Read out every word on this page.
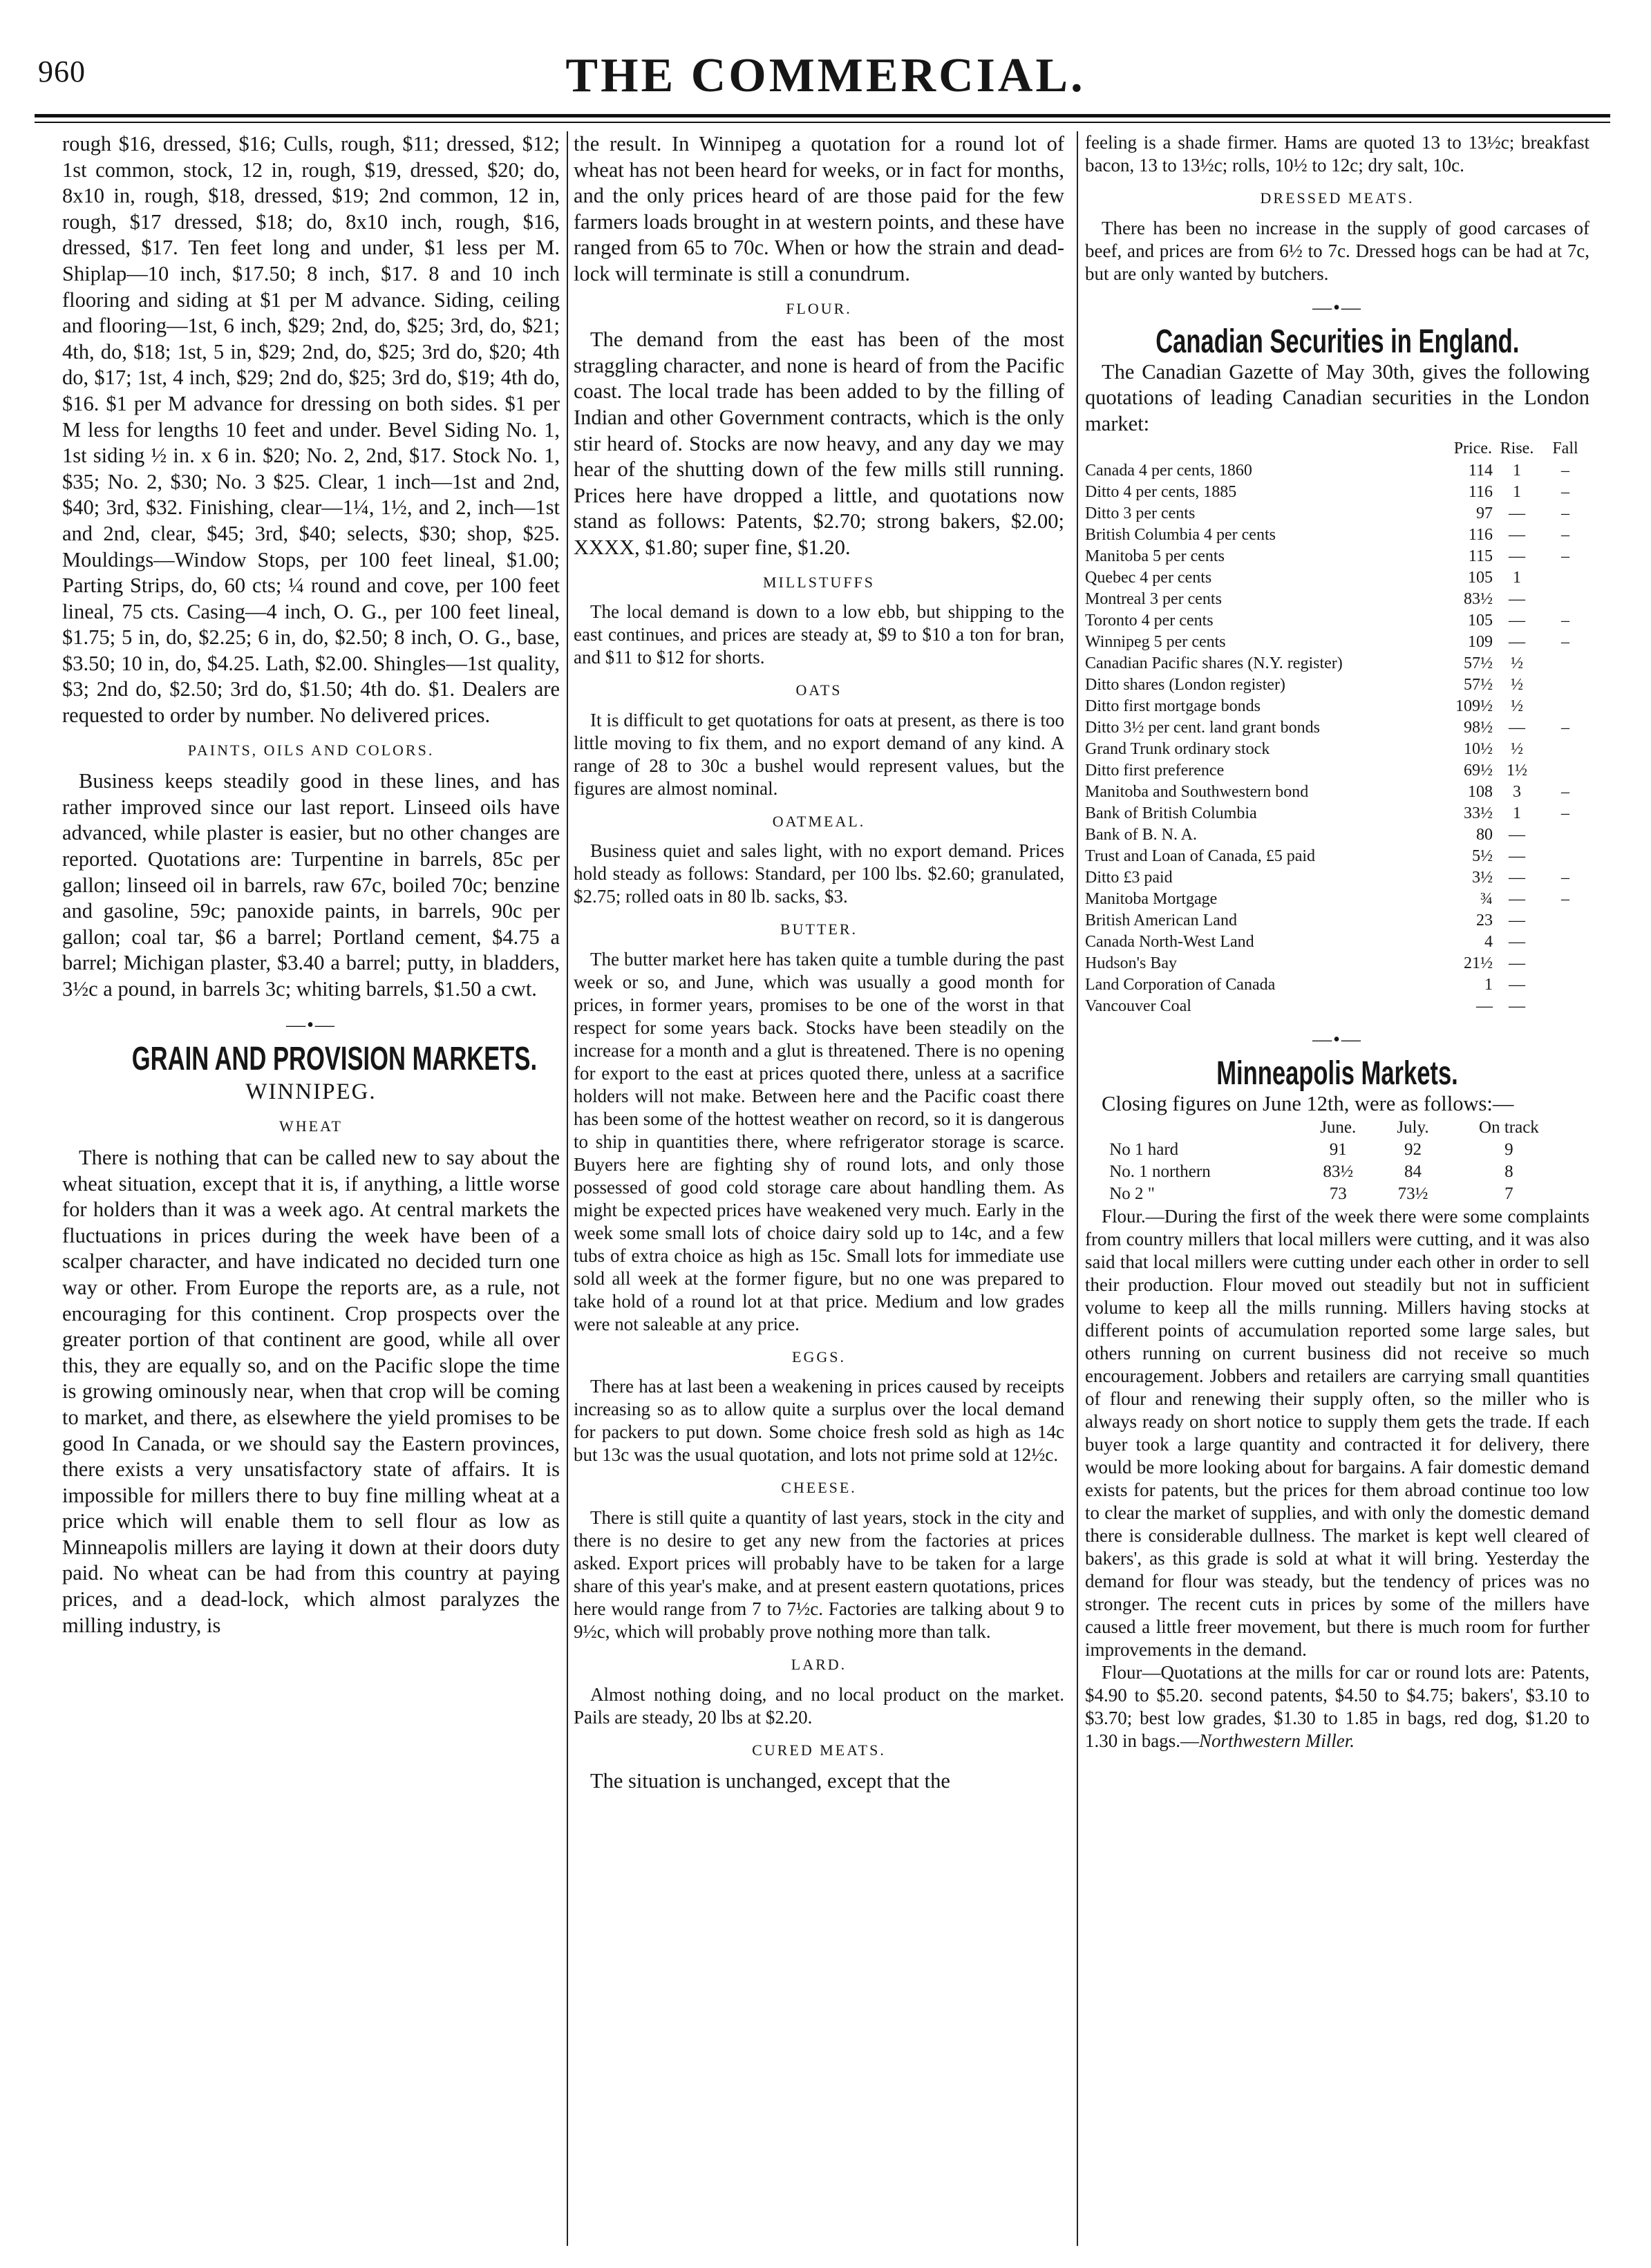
960	THE COMMERCIAL.

rough $16, dressed, $16; Culls, rough, $11; dressed, $12; 1st common, stock, 12 in, rough, $19, dressed, $20; do, 8x10 in, rough, $18, dressed, $19; 2nd common, 12 in, rough, $17 dressed, $18; do, 8x10 inch, rough, $16, dressed, $17. Ten feet long and under, $1 less per M. Shiplap—10 inch, $17.50; 8 inch, $17. 8 and 10 inch flooring and siding at $1 per M advance. Siding, ceiling and flooring—1st, 6 inch, $29; 2nd, do, $25; 3rd, do, $21; 4th, do, $18; 1st, 5 in, $29; 2nd, do, $25; 3rd do, $20; 4th do, $17; 1st, 4 inch, $29; 2nd do, $25; 3rd do, $19; 4th do, $16. $1 per M advance for dressing on both sides. $1 per M less for lengths 10 feet and under. Bevel Siding No. 1, 1st siding ½ in. x 6 in. $20; No. 2, 2nd, $17. Stock No. 1, $35; No. 2, $30; No. 3 $25. Clear, 1 inch—1st and 2nd, $40; 3rd, $32. Finishing, clear—1¼, 1½, and 2, inch—1st and 2nd, clear, $45; 3rd, $40; selects, $30; shop, $25. Mouldings—Window Stops, per 100 feet lineal, $1.00; Parting Strips, do, 60 cts; ¼ round and cove, per 100 feet lineal, 75 cts. Casing—4 inch, O. G., per 100 feet lineal, $1.75; 5 in, do, $2.25; 6 in, do, $2.50; 8 inch, O. G., base, $3.50; 10 in, do, $4.25. Lath, $2.00. Shingles—1st quality, $3; 2nd do, $2.50; 3rd do, $1.50; 4th do. $1. Dealers are requested to order by number. No delivered prices.

PAINTS, OILS AND COLORS.

Business keeps steadily good in these lines, and has rather improved since our last report. Linseed oils have advanced, while plaster is easier, but no other changes are reported. Quotations are: Turpentine in barrels, 85c per gallon; linseed oil in barrels, raw 67c, boiled 70c; benzine and gasoline, 59c; panoxide paints, in barrels, 90c per gallon; coal tar, $6 a barrel; Portland cement, $4.75 a barrel; Michigan plaster, $3.40 a barrel; putty, in bladders, 3½c a pound, in barrels 3c; whiting barrels, $1.50 a cwt.

—•—
GRAIN AND PROVISION MARKETS.
WINNIPEG.
WHEAT

There is nothing that can be called new to say about the wheat situation, except that it is, if anything, a little worse for holders than it was a week ago. At central markets the fluctuations in prices during the week have been of a scalper character, and have indicated no decided turn one way or other. From Europe the reports are, as a rule, not encouraging for this continent. Crop prospects over the greater portion of that continent are good, while all over this, they are equally so, and on the Pacific slope the time is growing ominously near, when that crop will be coming to market, and there, as elsewhere the yield promises to be good In Canada, or we should say the Eastern provinces, there exists a very unsatisfactory state of affairs. It is impossible for millers there to buy fine milling wheat at a price which will enable them to sell flour as low as Minneapolis millers are laying it down at their doors duty paid. No wheat can be had from this country at paying prices, and a dead-lock, which almost paralyzes the milling industry, is

the result. In Winnipeg a quotation for a round lot of wheat has not been heard for weeks, or in fact for months, and the only prices heard of are those paid for the few farmers loads brought in at western points, and these have ranged from 65 to 70c. When or how the strain and dead-lock will terminate is still a conundrum.

FLOUR.

The demand from the east has been of the most straggling character, and none is heard of from the Pacific coast. The local trade has been added to by the filling of Indian and other Government contracts, which is the only stir heard of. Stocks are now heavy, and any day we may hear of the shutting down of the few mills still running. Prices here have dropped a little, and quotations now stand as follows: Patents, $2.70; strong bakers, $2.00; XXXX, $1.80; super fine, $1.20.

MILLSTUFFS

The local demand is down to a low ebb, but shipping to the east continues, and prices are steady at, $9 to $10 a ton for bran, and $11 to $12 for shorts.

OATS

It is difficult to get quotations for oats at present, as there is too little moving to fix them, and no export demand of any kind. A range of 28 to 30c a bushel would represent values, but the figures are almost nominal.

OATMEAL.

Business quiet and sales light, with no export demand. Prices hold steady as follows: Standard, per 100 lbs. $2.60; granulated, $2.75; rolled oats in 80 lb. sacks, $3.

BUTTER.

The butter market here has taken quite a tumble during the past week or so, and June, which was usually a good month for prices, in former years, promises to be one of the worst in that respect for some years back. Stocks have been steadily on the increase for a month and a glut is threatened. There is no opening for export to the east at prices quoted there, unless at a sacrifice holders will not make. Between here and the Pacific coast there has been some of the hottest weather on record, so it is dangerous to ship in quantities there, where refrigerator storage is scarce. Buyers here are fighting shy of round lots, and only those possessed of good cold storage care about handling them. As might be expected prices have weakened very much. Early in the week some small lots of choice dairy sold up to 14c, and a few tubs of extra choice as high as 15c. Small lots for immediate use sold all week at the former figure, but no one was prepared to take hold of a round lot at that price. Medium and low grades were not saleable at any price.

EGGS.

There has at last been a weakening in prices caused by receipts increasing so as to allow quite a surplus over the local demand for packers to put down. Some choice fresh sold as high as 14c but 13c was the usual quotation, and lots not prime sold at 12½c.

CHEESE.

There is still quite a quantity of last years, stock in the city and there is no desire to get any new from the factories at prices asked. Export prices will probably have to be taken for a large share of this year's make, and at present eastern quotations, prices here would range from 7 to 7½c. Factories are talking about 9 to 9½c, which will probably prove nothing more than talk.

LARD.

Almost nothing doing, and no local product on the market. Pails are steady, 20 lbs at $2.20.

CURED MEATS.

The situation is unchanged, except that the

feeling is a shade firmer. Hams are quoted 13 to 13½c; breakfast bacon, 13 to 13½c; rolls, 10½ to 12c; dry salt, 10c.

DRESSED MEATS.

There has been no increase in the supply of good carcases of beef, and prices are from 6½ to 7c. Dressed hogs can be had at 7c, but are only wanted by butchers.

—•—
Canadian Securities in England.

The Canadian Gazette of May 30th, gives the following quotations of leading Canadian securities in the London market:

	Price.	Rise.	Fall
Canada 4 per cents, 1860	114	1	–
Ditto 4 per cents, 1885	116	1	–
Ditto 3 per cents	97	—	–
British Columbia 4 per cents	116	—	–
Manitoba 5 per cents	115	—	–
Quebec 4 per cents	105	1	
Montreal 3 per cents	83½	—	
Toronto 4 per cents	105	—	–
Winnipeg 5 per cents	109	—	–
Canadian Pacific shares (N.Y. register)	57½	½	
Ditto shares (London register)	57½	½	
Ditto first mortgage bonds	109½	½	
Ditto 3½ per cent. land grant bonds	98½	—	–
Grand Trunk ordinary stock	10½	½	
Ditto first preference	69½	1½	
Manitoba and Southwestern bond	108	3	–
Bank of British Columbia	33½	1	–
Bank of B. N. A.	80	—	
Trust and Loan of Canada, £5 paid	5½	—	
Ditto £3 paid	3½	—	–
Manitoba Mortgage	¾	—	–
British American Land	23	—	
Canada North-West Land	4	—	
Hudson's Bay	21½	—	
Land Corporation of Canada	1	—	
Vancouver Coal	—	—	
—•—
Minneapolis Markets.

Closing figures on June 12th, were as follows:—

	June.	July.	On track
No 1 hard	91	92	9
No. 1 northern	83½	84	8
No 2 "	73	73½	7

Flour.—During the first of the week there were some complaints from country millers that local millers were cutting, and it was also said that local millers were cutting under each other in order to sell their production. Flour moved out steadily but not in sufficient volume to keep all the mills running. Millers having stocks at different points of accumulation reported some large sales, but others running on current business did not receive so much encouragement. Jobbers and retailers are carrying small quantities of flour and renewing their supply often, so the miller who is always ready on short notice to supply them gets the trade. If each buyer took a large quantity and contracted it for delivery, there would be more looking about for bargains. A fair domestic demand exists for patents, but the prices for them abroad continue too low to clear the market of supplies, and with only the domestic demand there is considerable dullness. The market is kept well cleared of bakers', as this grade is sold at what it will bring. Yesterday the demand for flour was steady, but the tendency of prices was no stronger. The recent cuts in prices by some of the millers have caused a little freer movement, but there is much room for further improvements in the demand.

Flour—Quotations at the mills for car or round lots are: Patents, $4.90 to $5.20. second patents, $4.50 to $4.75; bakers', $3.10 to $3.70; best low grades, $1.30 to 1.85 in bags, red dog, $1.20 to 1.30 in bags.—Northwestern Miller.
